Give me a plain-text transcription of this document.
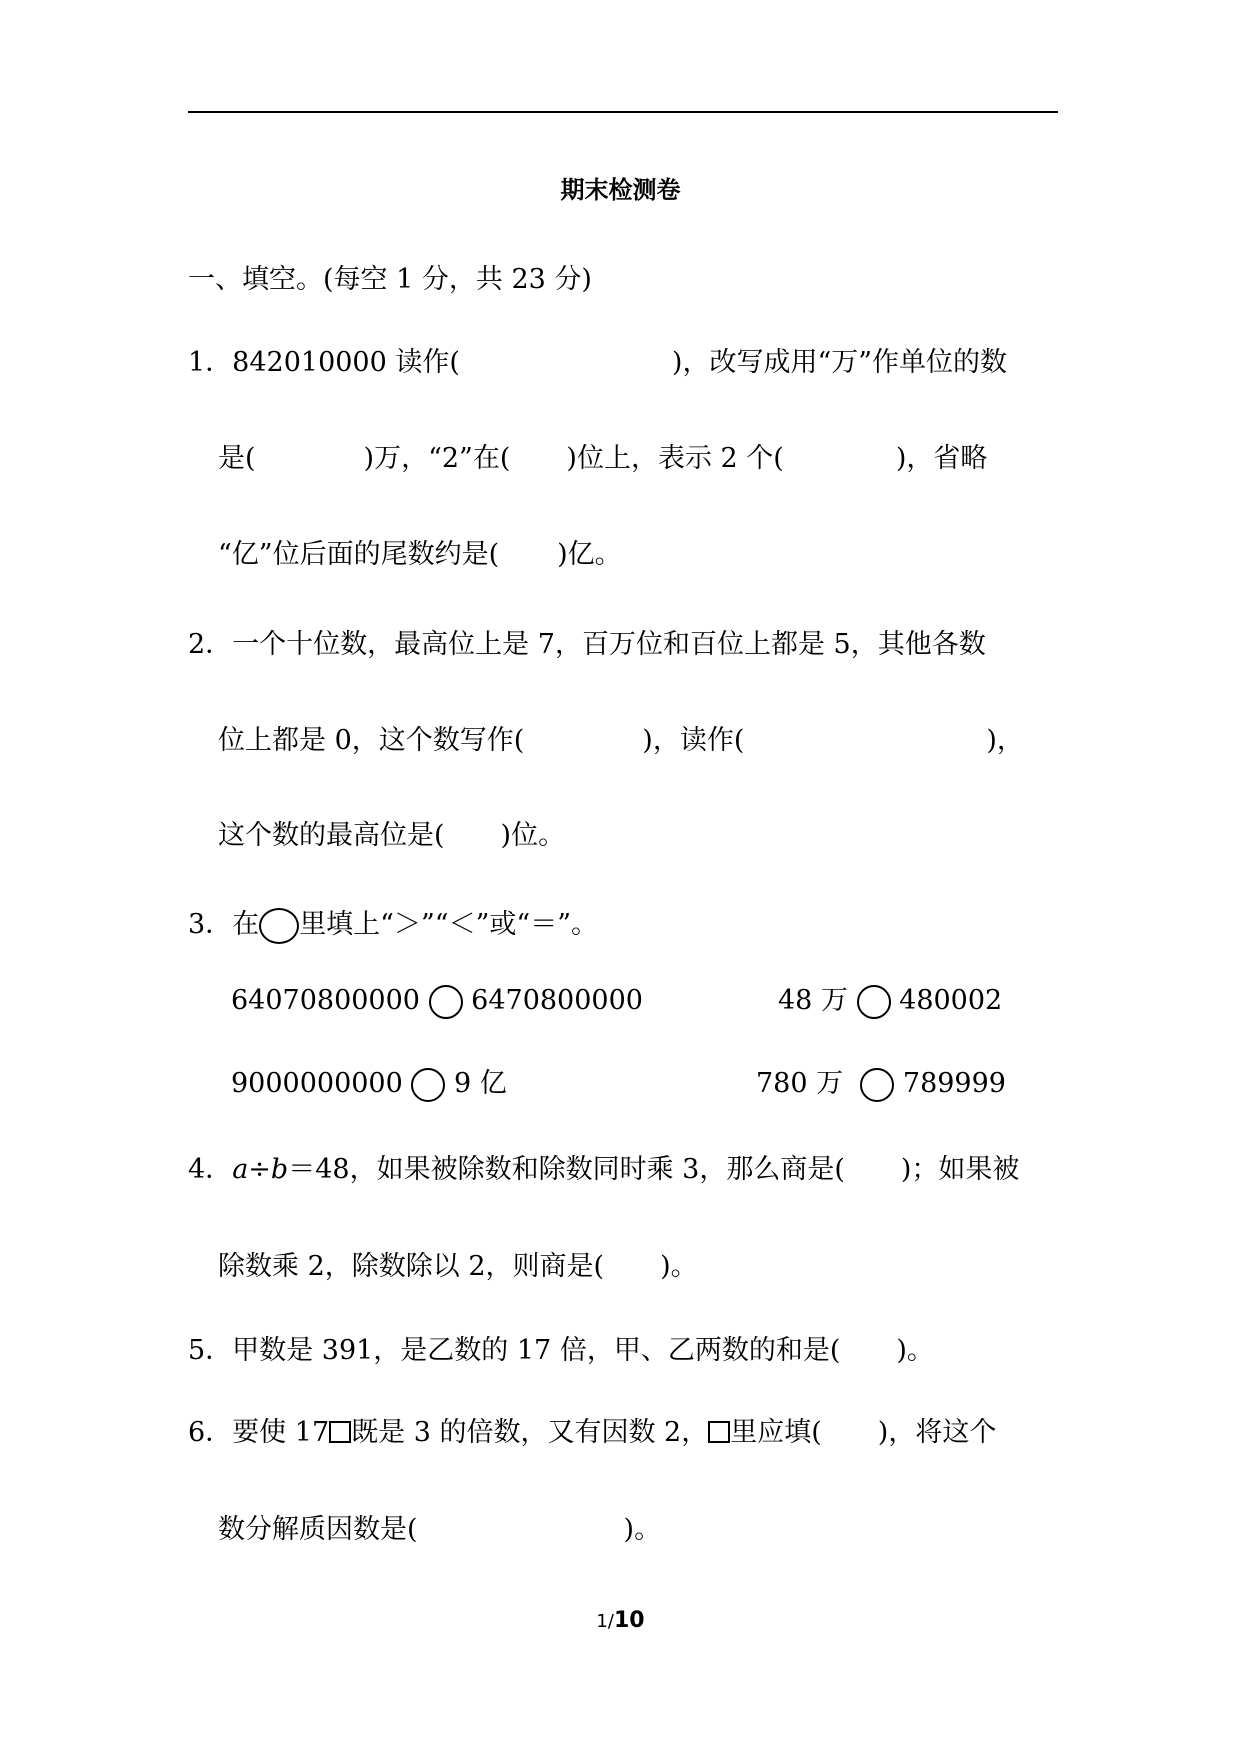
期末检测卷
一、填空。(每空 1 分，共 23 分)
1．842010000 读作(	)，改写成用“万”作单位的数
是(	)万，“2”在( )位上，表示 2 个(	)，省略
“亿”位后面的尾数约是( )亿。
2．一个十位数，最高位上是 7，百万位和百位上都是 5，其他各数
位上都是 0，这个数写作(	)，读作(	)，
这个数的最高位是( )位。
3．在 里填上“＞”“＜”或“＝”。
64070800000 6470800000	48 万 480002
9000000000 9 亿	780 万 789999
4．a÷b＝48，如果被除数和除数同时乘 3，那么商是( )；如果被
除数乘 2，除数除以 2，则商是( )。
5．甲数是 391，是乙数的 17 倍，甲、乙两数的和是( )。
6．要使 17 既是 3 的倍数，又有因数 2， 里应填( )，将这个
数分解质因数是(	)。
1/10
